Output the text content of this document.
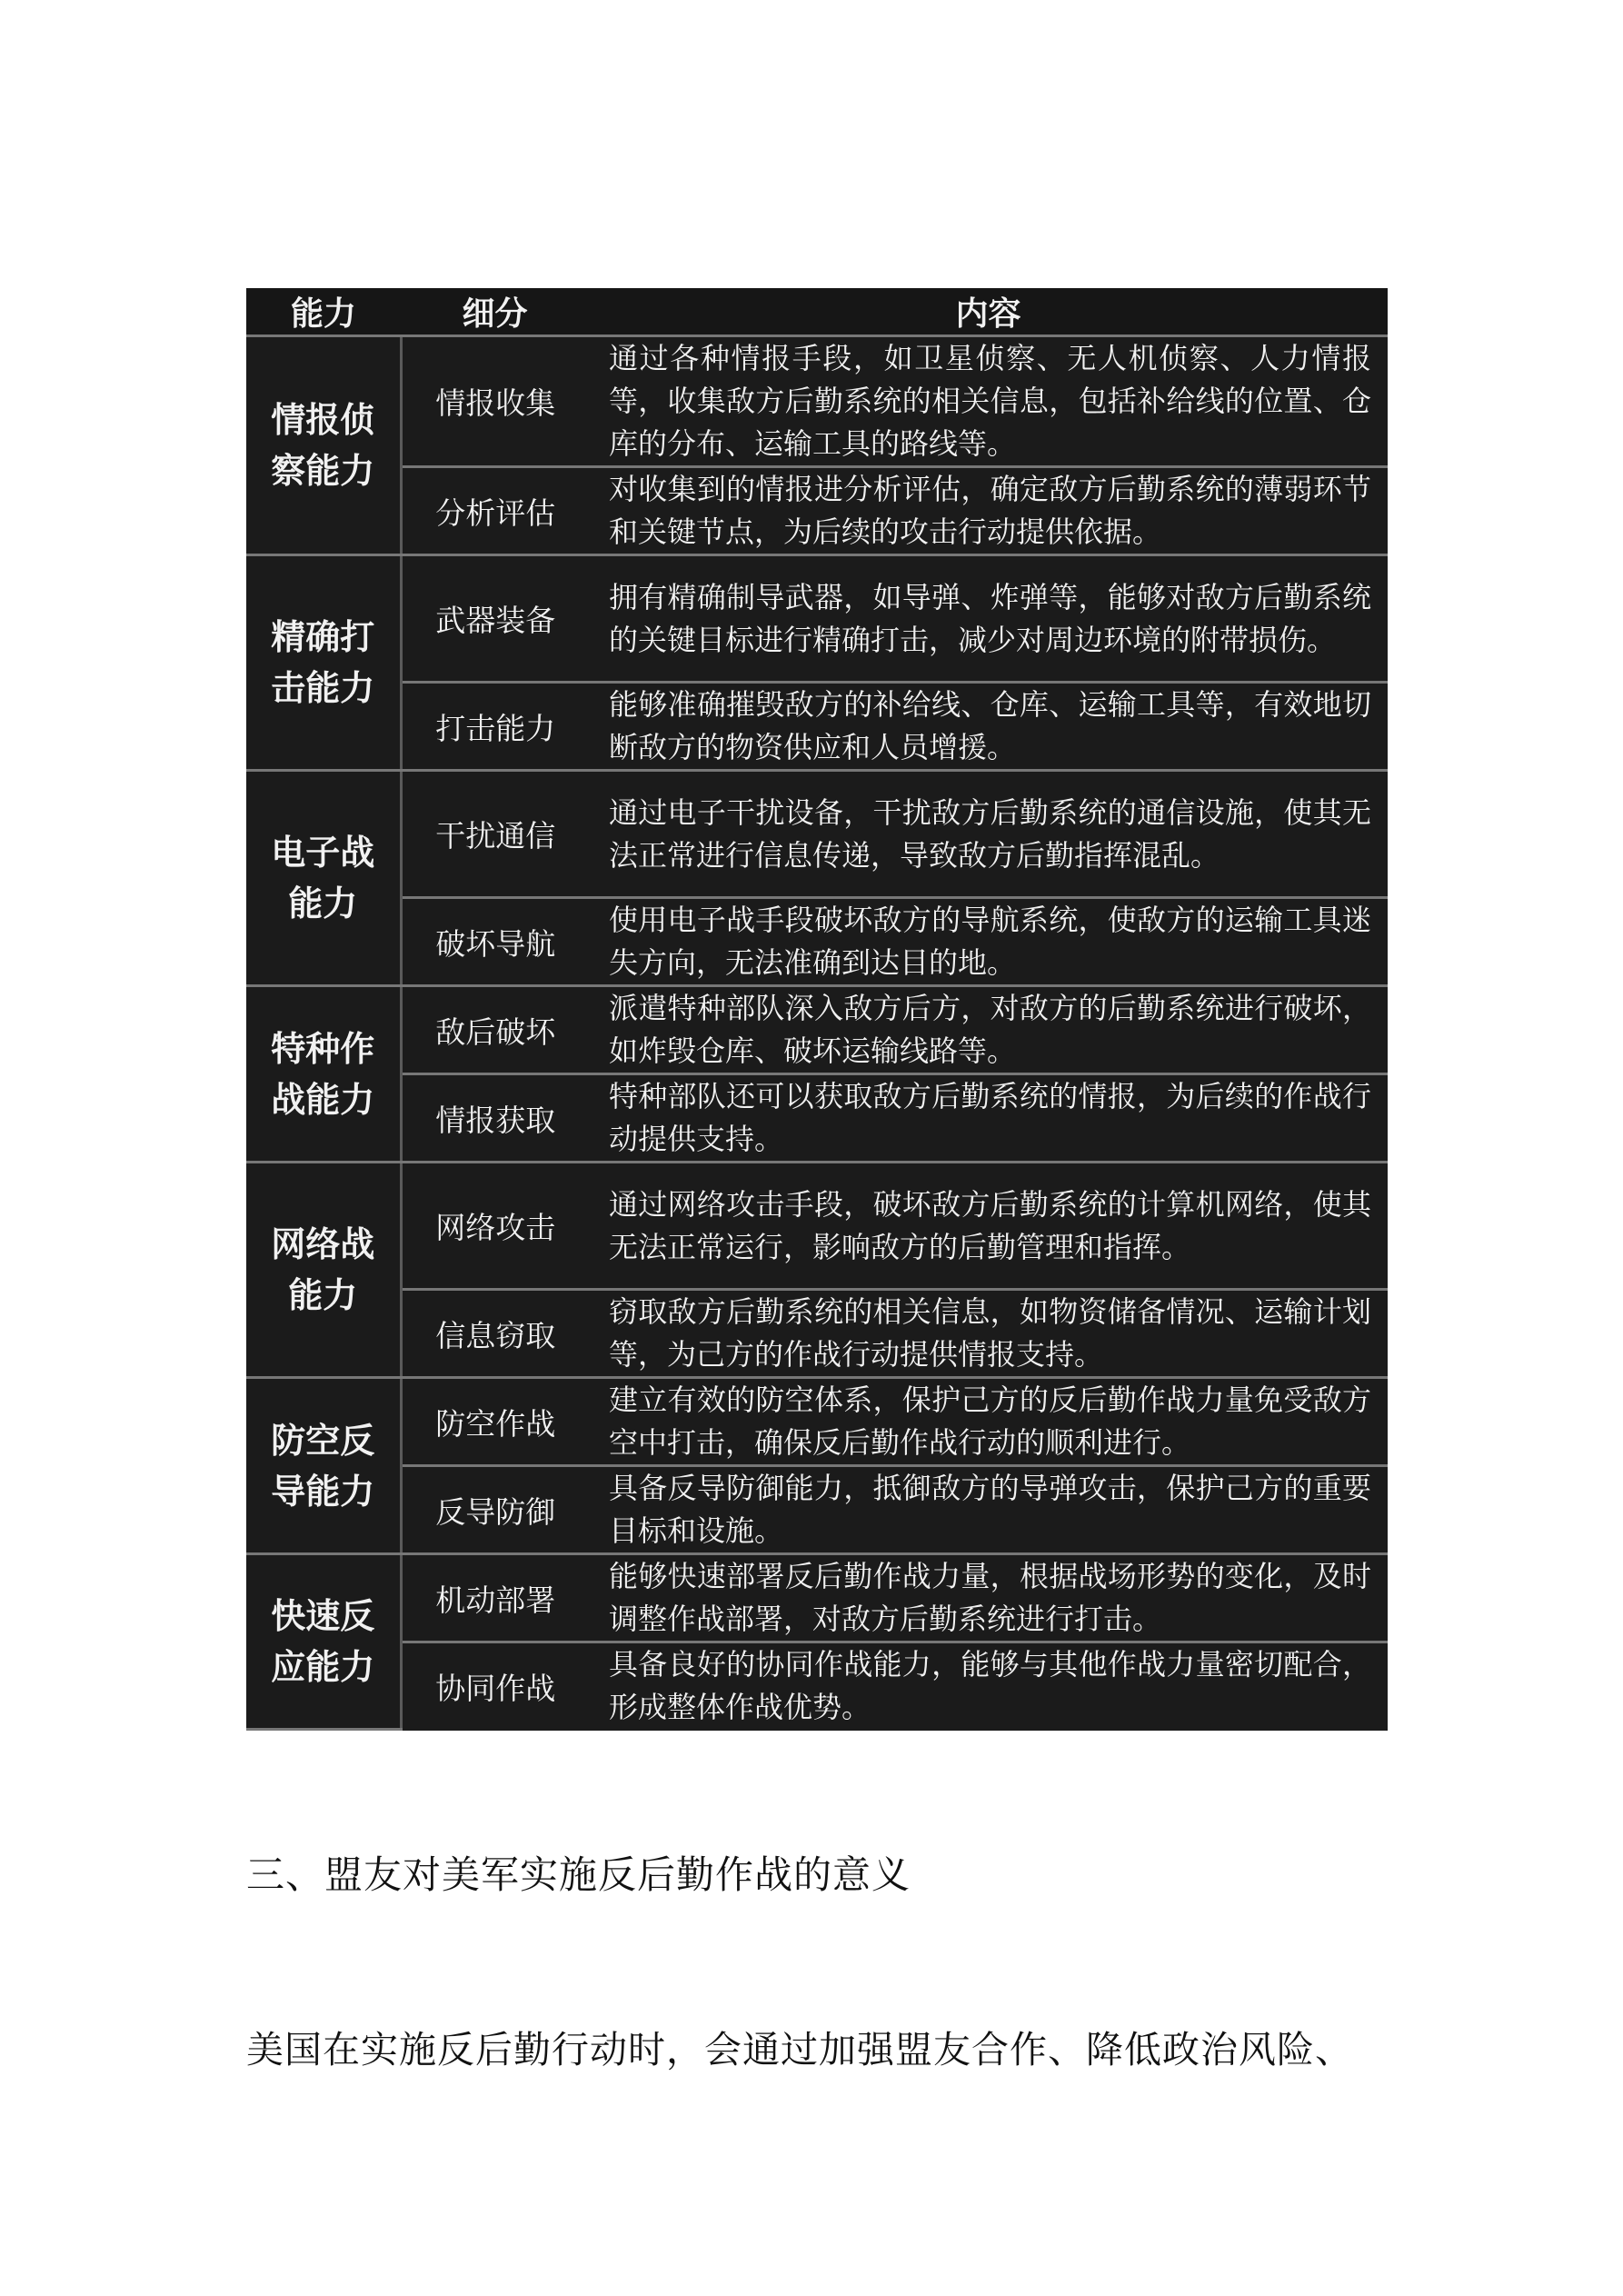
能力	细分	内容
情报侦察能力	情报收集	通过各种情报手段，如卫星侦察、无人机侦察、人力情报等，收集敌方后勤系统的相关信息，包括补给线的位置、仓库的分布、运输工具的路线等。
	分析评估	对收集到的情报进分析评估，确定敌方后勤系统的薄弱环节和关键节点，为后续的攻击行动提供依据。
精确打击能力	武器装备	拥有精确制导武器，如导弹、炸弹等，能够对敌方后勤系统的关键目标进行精确打击，减少对周边环境的附带损伤。
	打击能力	能够准确摧毁敌方的补给线、仓库、运输工具等，有效地切断敌方的物资供应和人员增援。
电子战能力	干扰通信	通过电子干扰设备，干扰敌方后勤系统的通信设施，使其无法正常进行信息传递，导致敌方后勤指挥混乱。
	破坏导航	使用电子战手段破坏敌方的导航系统，使敌方的运输工具迷失方向，无法准确到达目的地。
特种作战能力	敌后破坏	派遣特种部队深入敌方后方，对敌方的后勤系统进行破坏，如炸毁仓库、破坏运输线路等。
	情报获取	特种部队还可以获取敌方后勤系统的情报，为后续的作战行动提供支持。
网络战能力	网络攻击	通过网络攻击手段，破坏敌方后勤系统的计算机网络，使其无法正常运行，影响敌方的后勤管理和指挥。
	信息窃取	窃取敌方后勤系统的相关信息，如物资储备情况、运输计划等，为己方的作战行动提供情报支持。
防空反导能力	防空作战	建立有效的防空体系，保护己方的反后勤作战力量免受敌方空中打击，确保反后勤作战行动的顺利进行。
	反导防御	具备反导防御能力，抵御敌方的导弹攻击，保护己方的重要目标和设施。
快速反应能力	机动部署	能够快速部署反后勤作战力量，根据战场形势的变化，及时调整作战部署，对敌方后勤系统进行打击。
	协同作战	具备良好的协同作战能力，能够与其他作战力量密切配合，形成整体作战优势。
三、盟友对美军实施反后勤作战的意义

美国在实施反后勤行动时，会通过加强盟友合作、降低政治风险、
